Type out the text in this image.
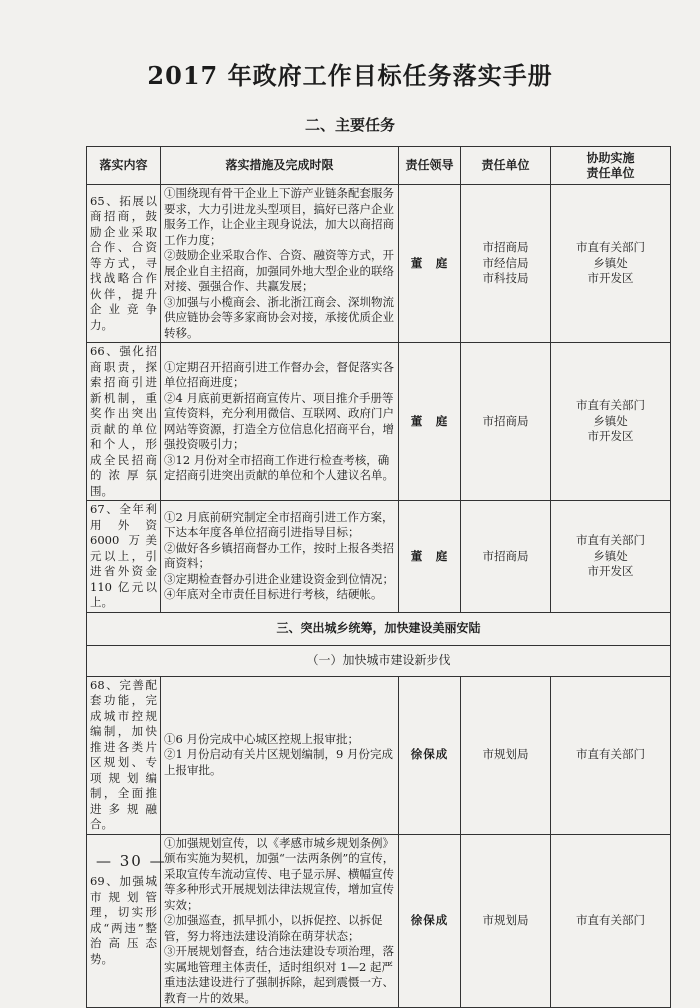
2017 年政府工作目标任务落实手册
二、主要任务
落实内容	落实措施及完成时限	责任领导	责任单位	协助实施
责任单位

65、拓展以商招商，鼓励企业采取合作、合资等方式，寻找战略合作伙伴，提升企业竞争力。	①围绕现有骨干企业上下游产业链条配套服务要求，大力引进龙头型项目，搞好已落户企业服务工作，让企业主现身说法，加大以商招商工作力度；
②鼓励企业采取合作、合资、融资等方式，开展企业自主招商，加强同外地大型企业的联络对接、强强合作、共赢发展；
③加强与小榄商会、浙北浙江商会、深圳物流供应链协会等多家商协会对接，承接优质企业转移。	董　庭	市招商局
市经信局
市科技局	市直有关部门
乡镇处
市开发区

66、强化招商职责，探索招商引进新机制，重奖作出突出贡献的单位和个人，形成全民招商的浓厚氛围。	①定期召开招商引进工作督办会，督促落实各单位招商进度；
②4 月底前更新招商宣传片、项目推介手册等宣传资料，充分利用微信、互联网、政府门户网站等资源，打造全方位信息化招商平台，增强投资吸引力；
③12 月份对全市招商工作进行检查考核，确定招商引进突出贡献的单位和个人建议名单。	董　庭	市招商局	市直有关部门
乡镇处
市开发区

67、全年利用外资 6000 万美元以上，引进省外资金 110 亿元以上。	①2 月底前研究制定全市招商引进工作方案，下达本年度各单位招商引进指导目标；
②做好各乡镇招商督办工作，按时上报各类招商资料；
③定期检查督办引进企业建设资金到位情况；
④年底对全市责任目标进行考核，结硬帐。	董　庭	市招商局	市直有关部门
乡镇处
市开发区

三、突出城乡统筹，加快建设美丽安陆				
（一）加快城市建设新步伐				
68、完善配套功能，完成城市控规编制，加快推进各类片区规划、专项规划编制，全面推进多规融合。	①6 月份完成中心城区控规上报审批；
②1 月份启动有关片区规划编制，9 月份完成上报审批。	徐保成	市规划局	市直有关部门

69、加强城市规划管理，切实形成“两违”整治高压态势。	①加强规划宣传，以《孝感市城乡规划条例》颁布实施为契机，加强“一法两条例”的宣传，采取宣传车流动宣传、电子显示屏、横幅宣传等多种形式开展规划法律法规宣传，增加宣传实效；
②加强巡查，抓早抓小，以拆促控、以拆促管，努力将违法建设消除在萌芽状态；
③开展规划督查，结合违法建设专项治理，落实属地管理主体责任，适时组织对 1—2 起严重违法建设进行了强制拆除，起到震慑一方、教育一片的效果。	徐保成	市规划局	市直有关部门
— 30 —
